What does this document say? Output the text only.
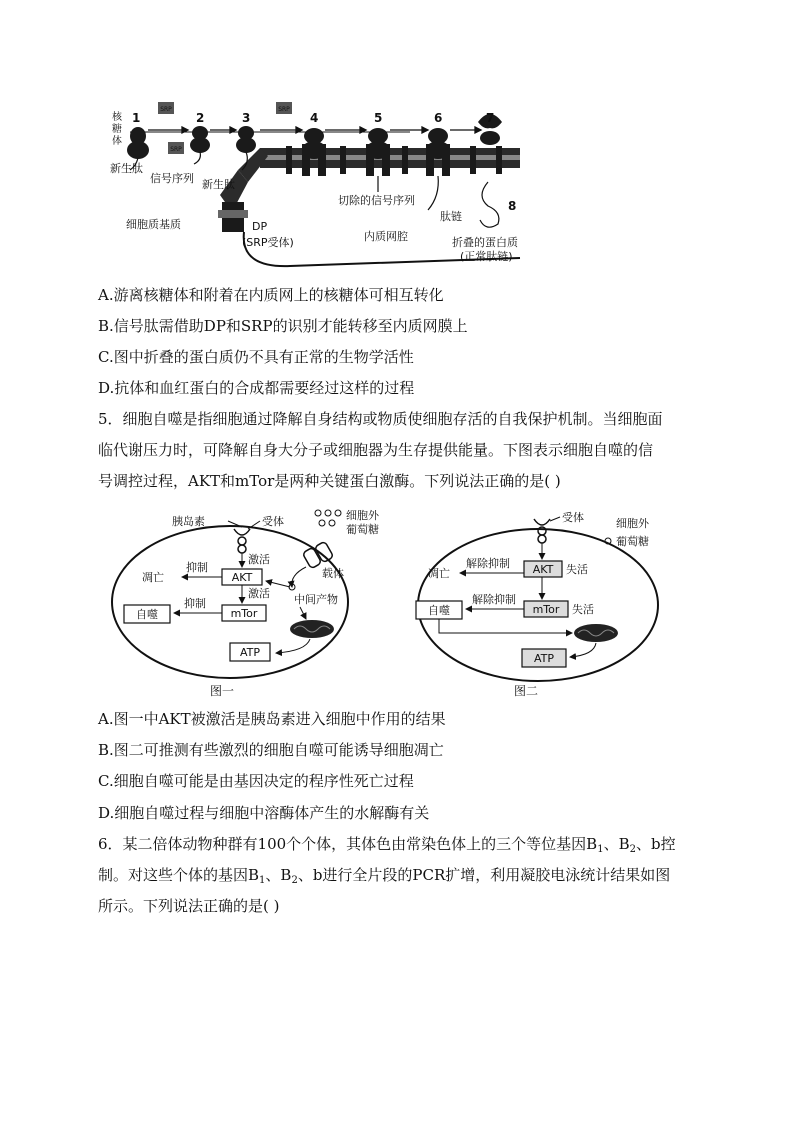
SRP	SRP
SRP
核
糖
体
1	2	3	4	5	6	7
8
新生肽
信号序列 新生肽
细胞质基质	DP
(SRP受体)
切除的信号序列
肽链
内质网腔	折叠的蛋白质
(正常肽链)
A.游离核糖体和附着在内质网上的核糖体可相互转化
B.信号肽需借助DP和SRP的识别才能转移至内质网膜上
C.图中折叠的蛋白质仍不具有正常的生物学活性
D.抗体和血红蛋白的合成都需要经过这样的过程
5．细胞自噬是指细胞通过降解自身结构或物质使细胞存活的自我保护机制。当细胞面
临代谢压力时，可降解自身大分子或细胞器为生存提供能量。下图表示细胞自噬的信
号调控过程，AKT和mTor是两种关键蛋白激酶。下列说法正确的是( )
胰岛素	受体	细胞外
葡萄糖
载体
激活
AKT
抑制
凋亡
激活
mTor
抑制
自噬
中间产物
ATP
图一
受体	细胞外
葡萄糖
AKT 失活
解除抑制
凋亡
mTor 失活
解除抑制
自噬
ATP
图二
A.图一中AKT被激活是胰岛素进入细胞中作用的结果
B.图二可推测有些激烈的细胞自噬可能诱导细胞凋亡
C.细胞自噬可能是由基因决定的程序性死亡过程
D.细胞自噬过程与细胞中溶酶体产生的水解酶有关
6．某二倍体动物种群有100个个体，其体色由常染色体上的三个等位基因$B_1$、$B_2$、b控
制。对这些个体的基因$B_1$、$B_2$、b进行全片段的PCR扩增，利用凝胶电泳统计结果如图
所示。下列说法正确的是( )
